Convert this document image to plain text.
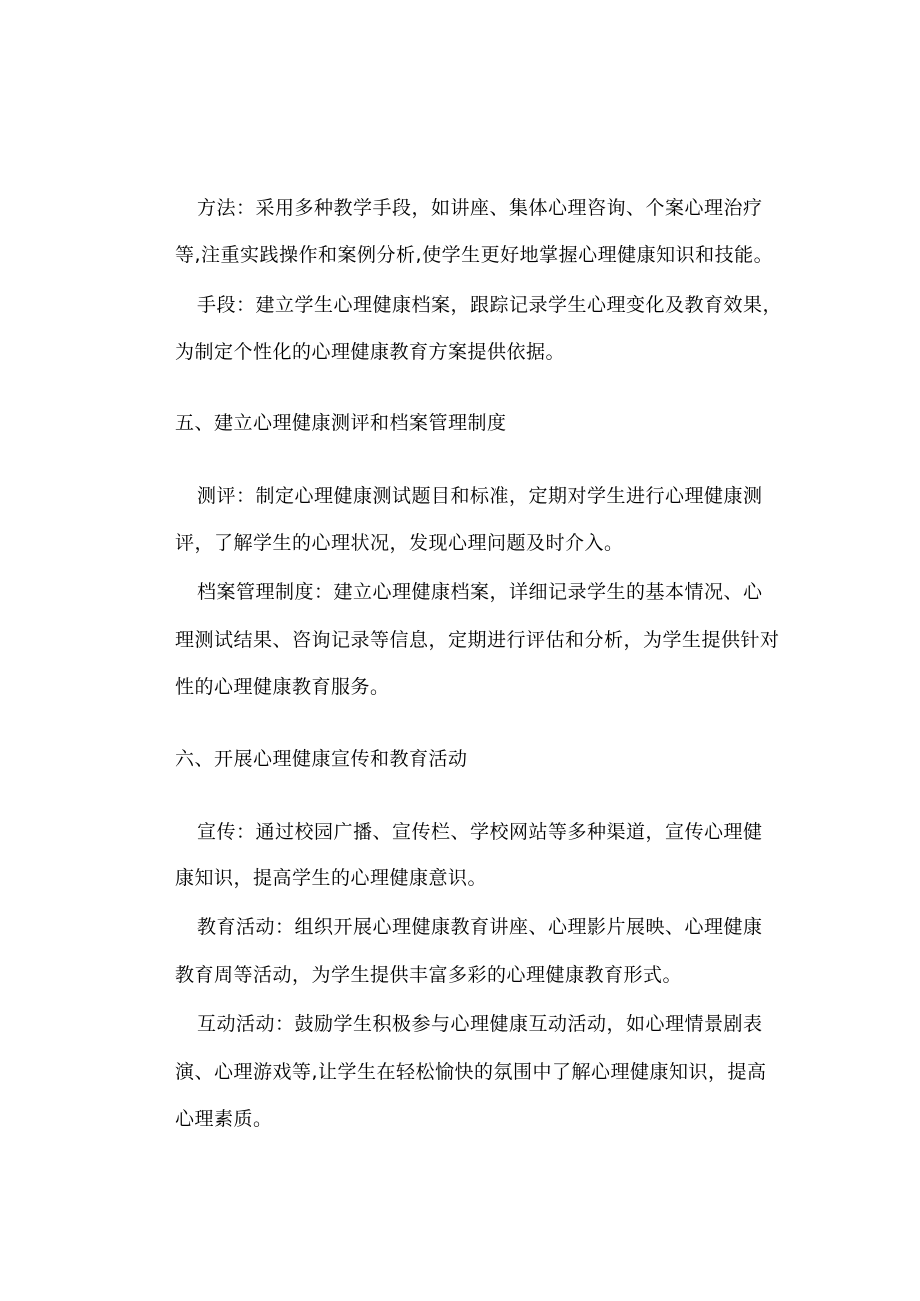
方法：采用多种教学手段，如讲座、集体心理咨询、个案心理治疗
等,注重实践操作和案例分析,使学生更好地掌握心理健康知识和技能。
手段：建立学生心理健康档案，跟踪记录学生心理变化及教育效果，
为制定个性化的心理健康教育方案提供依据。
五、建立心理健康测评和档案管理制度
测评：制定心理健康测试题目和标准，定期对学生进行心理健康测
评，了解学生的心理状况，发现心理问题及时介入。
档案管理制度：建立心理健康档案，详细记录学生的基本情况、心
理测试结果、咨询记录等信息，定期进行评估和分析，为学生提供针对
性的心理健康教育服务。
六、开展心理健康宣传和教育活动
宣传：通过校园广播、宣传栏、学校网站等多种渠道，宣传心理健
康知识，提高学生的心理健康意识。
教育活动：组织开展心理健康教育讲座、心理影片展映、心理健康
教育周等活动，为学生提供丰富多彩的心理健康教育形式。
互动活动：鼓励学生积极参与心理健康互动活动，如心理情景剧表
演、心理游戏等,让学生在轻松愉快的氛围中了解心理健康知识，提高
心理素质。
